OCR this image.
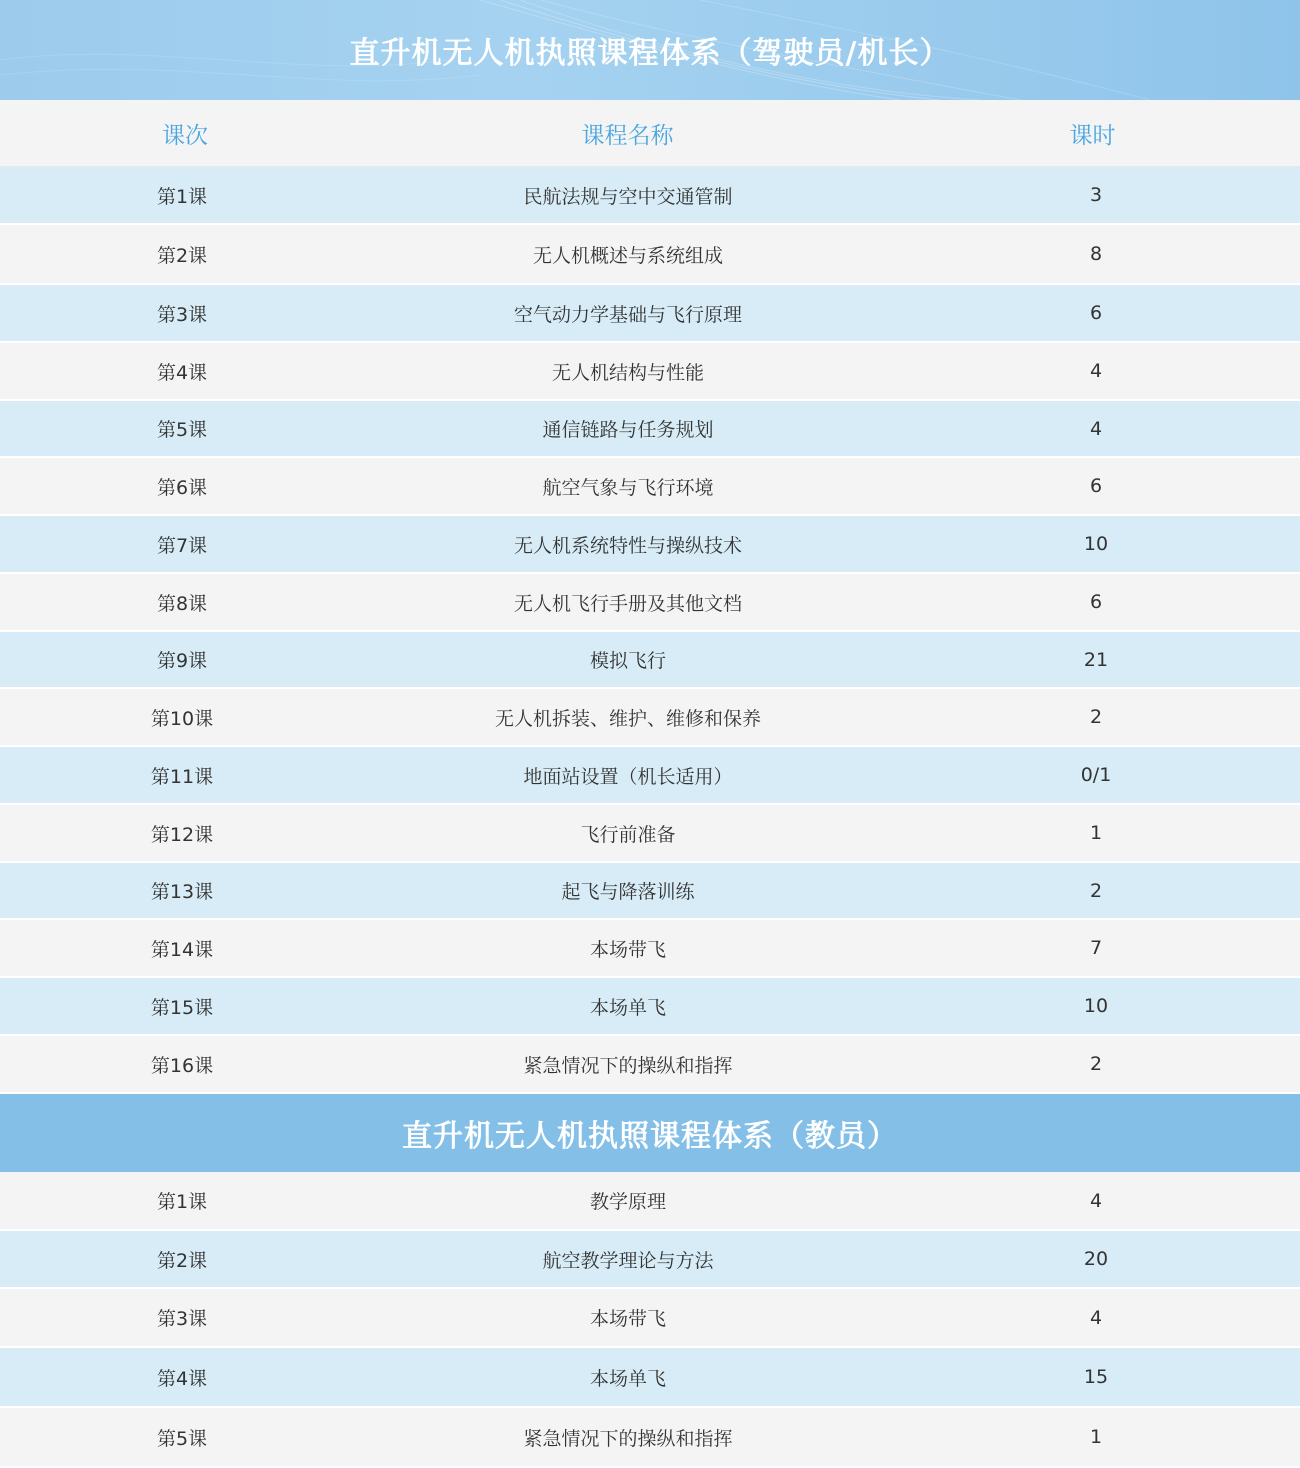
直升机无人机执照课程体系（驾驶员/机长）
课次	课程名称	课时
第1课	民航法规与空中交通管制	3
第2课	无人机概述与系统组成	8
第3课	空气动力学基础与飞行原理	6
第4课	无人机结构与性能	4
第5课	通信链路与任务规划	4
第6课	航空气象与飞行环境	6
第7课	无人机系统特性与操纵技术	10
第8课	无人机飞行手册及其他文档	6
第9课	模拟飞行	21
第10课	无人机拆装、维护、维修和保养	2
第11课	地面站设置（机长适用）	0/1
第12课	飞行前准备	1
第13课	起飞与降落训练	2
第14课	本场带飞	7
第15课	本场单飞	10
第16课	紧急情况下的操纵和指挥	2
直升机无人机执照课程体系（教员）
第1课	教学原理	4
第2课	航空教学理论与方法	20
第3课	本场带飞	4
第4课	本场单飞	15
第5课	紧急情况下的操纵和指挥	1
